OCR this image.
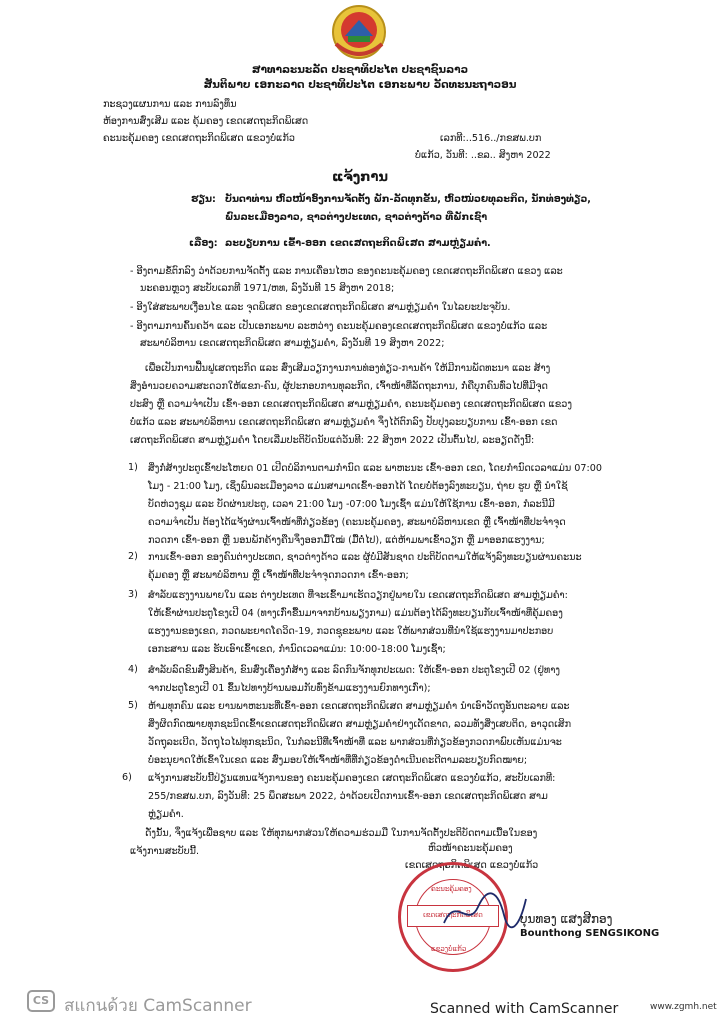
ສາທາລະນະລັດ ປະຊາທິປະໄຕ ປະຊາຊົນລາວ
ສັນຕິພາບ ເອກະລາດ ປະຊາທິປະໄຕ ເອກະພາບ ວັດທະນະຖາວອນ
ກະຊວງແຜນການ ແລະ ການລົງທຶນ
ຫ້ອງການສົ່ງເສີມ ແລະ ຄຸ້ມຄອງ ເຂດເສດຖະກິດພິເສດ
ຄະນະຄຸ້ມຄອງ ເຂດເສດຖະກິດພິເສດ ແຂວງບໍ່ແກ້ວ	ເລກທີ:..516../ກຂສພ.ບກ
ບໍ່ແກ້ວ, ວັນທີ: ..ຂລ.. ສິງຫາ 2022
ແຈ້ງການ
ຮຽນ: ບັນດາທ່ານ ຫົວໜ້າອົງການຈັດຕັ້ງ ພັກ-ລັດທຸກຂັ້ນ, ຫົວໜ່ວຍທຸລະກິດ, ນັກທ່ອງທ່ຽວ,
ພົນລະເມືອງລາວ, ຊາວຕ່າງປະເທດ, ຊາວຕ່າງດ້າວ ທີ່ພັກເຊົາ
ເລື່ອງ: ລະບຽບການ ເຂົ້າ-ອອກ ເຂດເສດຖະກິດພິເສດ ສາມຫຼ່ຽມຄຳ.
- ອີງຕາມຂໍ້ຕົກລົງ ວ່າດ້ວຍການຈັດຕັ້ງ ແລະ ການເຄື່ອນໄຫວ ຂອງຄະນະຄຸ້ມຄອງ ເຂດເສດຖະກິດພິເສດ ແຂວງ ແລະ
ນະຄອນຫຼວງ ສະບັບເລກທີ 1971/ຫທ, ລົງວັນທີ 15 ສິງຫາ 2018;
- ອີງໃສ່ສະພາບເງື່ອນໄຂ ແລະ ຈຸດພິເສດ ຂອງເຂດເສດຖະກິດພິເສດ ສາມຫຼ່ຽມຄຳ ໃນໄລຍະປະຈຸບັນ.
- ອີງຕາມການຄົ້ນຄວ້າ ແລະ ເປັນເອກະພາບ ລະຫວ່າງ ຄະນະຄຸ້ມຄອງເຂດເສດຖະກິດພິເສດ ແຂວງບໍ່ແກ້ວ ແລະ
ສະພາບໍລິຫານ ເຂດເສດຖະກິດພິເສດ ສາມຫຼ່ຽມຄຳ, ລົງວັນທີ 19 ສິງຫາ 2022;
ເພື່ອເປັນການຟື້ນຟູເສດຖະກິດ ແລະ ສົ່ງເສີມວຽກງານການທ່ອງທ່ຽວ-ການຄ້າ ໃຫ້ມີການພັດທະນາ ແລະ ສ້າງ
ສິ່ງອຳນວຍຄວາມສະດວກໃຫ້ແຂກ-ຄົນ, ຜູ້ປະກອບການທຸລະກິດ, ເຈົ້າໜ້າທີ່ລັດຖະການ, ກໍ່ຄືບຸກຄົນທົ່ວໄປທີ່ມີຈຸດ
ປະສົງ ຫຼື ຄວາມຈຳເປັນ ເຂົ້າ-ອອກ ເຂດເສດຖະກິດພິເສດ ສາມຫຼ່ຽມຄຳ, ຄະນະຄຸ້ມຄອງ ເຂດເສດຖະກິດພິເສດ ແຂວງ
ບໍ່ແກ້ວ ແລະ ສະພາບໍລິຫານ ເຂດເສດຖະກິດພິເສດ ສາມຫຼ່ຽມຄຳ ຈຶ່ງໄດ້ຕົກລົງ ປັບປຸງລະບຽບການ ເຂົ້າ-ອອກ ເຂດ
ເສດຖະກິດພິເສດ ສາມຫຼ່ຽມຄຳ ໂດຍເລີ່ມປະຕິບັດນັບແຕ່ວັນທີ: 22 ສິງຫາ 2022 ເປັນຕົ້ນໄປ, ລະອຽດດັ່ງນີ້:
1) ສິ່ງກໍ່ສ້າງປະຕູເຂົ້າປະໂຫຍດ 01 ເປີດບໍລິການຕາມກຳນົດ ແລະ ພາຫະນະ ເຂົ້າ-ອອກ ເຂດ, ໂດຍກຳນົດເວລາແມ່ນ 07:00
ໂມງ - 21:00 ໂມງ, ເຊິ່ງພົນລະເມືອງລາວ ແມ່ນສາມາດເຂົ້າ-ອອກໄດ້ ໂດຍບໍ່ຕ້ອງລົງທະບຽນ, ຖ່າຍ ຮູບ ຫຼື ນຳໃຊ້
ບັດຫ່ວງຊຸມ ແລະ ບັດຜ່ານປະຕູ, ເວລາ 21:00 ໂມງ -07:00 ໂມງເຊົ້າ ແມ່ນໃຫ້ໃຊ້ການ ເຂົ້າ-ອອກ, ກໍລະນີມີ
ຄວາມຈຳເປັນ ຕ້ອງໄດ້ແຈ້ງຜ່ານເຈົ້າໜ້າທີ່ກ່ຽວຂ້ອງ (ຄະນະຄຸ້ມຄອງ, ສະພາບໍລິຫານເຂດ ຫຼື ເຈົ້າໜ້າທີ່ປະຈຳຈຸດ
ກວດກາ ເຂົ້າ-ອອກ ຫຼື ນອນພັກຄ້າງຄືນຈຶ່ງອອກມື້ໃໝ່ (ມື້ຕໍ່ໄປ), ແຕ່ຫ້າມພາເຂົ້າວຽກ ຫຼື ມາອອກແຮງງານ;
2) ການເຂົ້າ-ອອກ ຂອງຄົນຕ່າງປະເທດ, ຊາວຕ່າງດ້າວ ແລະ ຜູ້ບໍ່ມີສັນຊາດ ປະຕິບັດຕາມໃຫ້ແຈ້ງລົງທະບຽນຜ່ານຄະນະ
ຄຸ້ມຄອງ ຫຼື ສະພາບໍລິຫານ ຫຼື ເຈົ້າໜ້າທີ່ປະຈຳຈຸດກວດກາ ເຂົ້າ-ອອກ;
3) ສຳລັບແຮງງານພາຍໃນ ແລະ ຕ່າງປະເທດ ທີ່ຈະເຂົ້າມາເຮັດວຽກຢູ່ພາຍໃນ ເຂດເສດຖະກິດພິເສດ ສາມຫຼ່ຽມຄຳ:
ໃຫ້ເຂົ້າຜ່ານປະຕູໂຂງເປີ 04 (ທາງເກົ່າຂື້ນມາຈາກບ້ານພຽງກາມ) ແມ່ນຕ້ອງໄດ້ລົງທະບຽນກັບເຈົ້າໜ້າທີ່ຄຸ້ມຄອງ
ແຮງງານຂອງເຂດ, ກວດພະຍາດໂຄວິດ-19, ກວດຊຸຂະພາບ ແລະ ໃຫ້ພາກສ່ວນທີ່ນຳໃຊ້ແຮງງານມາປະກອບ
ເອກະສານ ແລະ ຮັບເອົາເຂົ້າເຂດ, ກຳນົດເວລາແມ່ນ: 10:00-18:00 ໂມງເຊົ້າ;
4) ສຳລັບລົດຂົນສົ່ງສິນຄ້າ, ຂົນສົ່ງເຄື່ອງກໍ່ສ້າງ ແລະ ລົດກົນຈັກທຸກປະເພດ: ໃຫ້ເຂົ້າ-ອອກ ປະຕູໂຂງເປີ 02 (ຢູ່ທາງ
ຈາກປະຕູໂຂງເປີ 01 ຂຶ້ນໄປທາງບ້ານພອມກັບທົ່ງຂ້າມແຮງງານຍົກທາງເກົ່າ);
5) ຫ້າມທຸກຄົນ ແລະ ຍານພາຫະນະທີ່ເຂົ້າ-ອອກ ເຂດເສດຖະກິດພິເສດ ສາມຫຼ່ຽມຄຳ ນຳເອົາວັດຖຸອັນຕະລາຍ ແລະ
ສິ່ງຜິດກົດໝາຍທຸກຊະນິດເຂົ້າເຂດເສດຖະກິດພິເສດ ສາມຫຼ່ຽມຄຳຢ່າງເດັດຂາດ, ລວມທັງສິ່ງເສບຕິດ, ອາວຸດເສິກ
ວັດຖຸລະເບີດ, ວັດຖຸໄວໄຟທຸກຊະນິດ, ໃນກໍລະນີທີ່ເຈົ້າໜ້າທີ່ ແລະ ພາກສ່ວນທີ່ກ່ຽວຂ້ອງກວດກາພົບເຫັນແມ່ນຈະ
ບໍ່ອະນຸຍາດໃຫ້ເຂົ້າໃນເຂດ ແລະ ສົ່ງມອບໃຫ້ເຈົ້າໜ້າທີ່ທີ່ກ່ຽວຂ້ອງດຳເນີນຄະດີຕາມລະບຽບກົດໝາຍ;
6) ແຈ້ງການສະບັບນີ້ປ່ຽນແທນແຈ້ງການຂອງ ຄະນະຄຸ້ມຄອງເຂດ ເສດຖະກິດພິເສດ ແຂວງບໍ່ແກ້ວ, ສະບັບເລກທີ:
255/ກຂສພ.ບກ, ລົງວັນທີ: 25 ພຶດສະພາ 2022, ວ່າດ້ວຍເປີດການເຂົ້າ-ອອກ ເຂດເສດຖະກິດພິເສດ ສາມ
ຫຼ່ຽມຄຳ.
ດັ່ງນັ້ນ, ຈຶ່ງແຈ້ງເພື່ອຊາບ ແລະ ໃຫ້ທຸກພາກສ່ວນໃຫ້ຄວາມຮ່ວມມື ໃນການຈັດຕັ້ງປະຕິບັດຕາມເນື້ອໃນຂອງ
ແຈ້ງການສະບັບນີ້.	ຫົວໜ້າຄະນະຄຸ້ມຄອງ
ເຂດເສດຖະກິດພິເສດ ແຂວງບໍ່ແກ້ວ
ຄະນະຄຸ້ມຄອງ
ເຂດເສດຖະກິດພິເສດ
ແຂວງບໍ່ແກ້ວ
ບຸນທອງ ແສງສີກອງ
Bounthong SENGSIKONG
CS สแกนด้วย CamScanner	Scanned with CamScanner	www.zgmh.net
